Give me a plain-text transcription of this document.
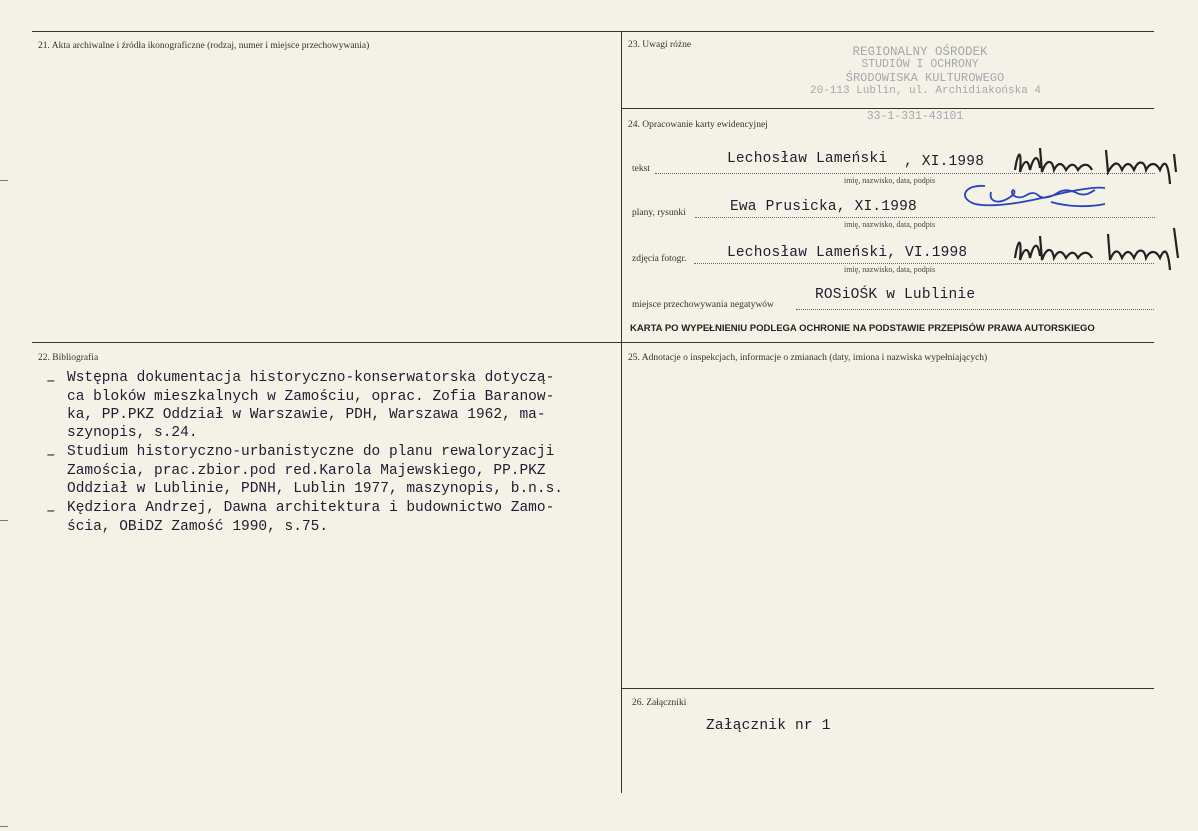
21. Akta archiwalne i źródła ikonograficzne (rodzaj, numer i miejsce przechowywania)
22. Bibliografia
23. Uwagi różne
24. Opracowanie karty ewidencyjnej
25. Adnotacje o inspekcjach, informacje o zmianach (daty, imiona i nazwiska wypełniających)
26. Załączniki
REGIONALNY OŚRODEK
STUDIÓW I OCHRONY
ŚRODOWISKA KULTUROWEGO
20-113 Lublin, ul. Archidiakońska 4
33-1-331-43101
tekst
Lechosław Lameński , XI.1998
imię, nazwisko, data, podpis
plany, rysunki	Ewa Prusicka, XI.1998
imię, nazwisko, data, podpis
zdjęcia fotogr.	Lechosław Lameński, VI.1998
imię, nazwisko, data, podpis
miejsce przechowywania negatywów
ROSiOŚK w Lublinie
KARTA PO WYPEŁNIENIU PODLEGA OCHRONIE NA PODSTAWIE PRZEPISÓW PRAWA AUTORSKIEGO
– Wstępna dokumentacja historyczno-konserwatorska dotyczą-
ca bloków mieszkalnych w Zamościu, oprac. Zofia Baranow-
ka, PP.PKZ Oddział w Warszawie, PDH, Warszawa 1962, ma-
szynopis, s.24.
– Studium historyczno-urbanistyczne do planu rewaloryzacji
Zamościa, prac.zbior.pod red.Karola Majewskiego, PP.PKZ
Oddział w Lublinie, PDNH, Lublin 1977, maszynopis, b.n.s.
– Kędziora Andrzej, Dawna architektura i budownictwo Zamo-
ścia, OBiDZ Zamość 1990, s.75.
Załącznik nr 1
